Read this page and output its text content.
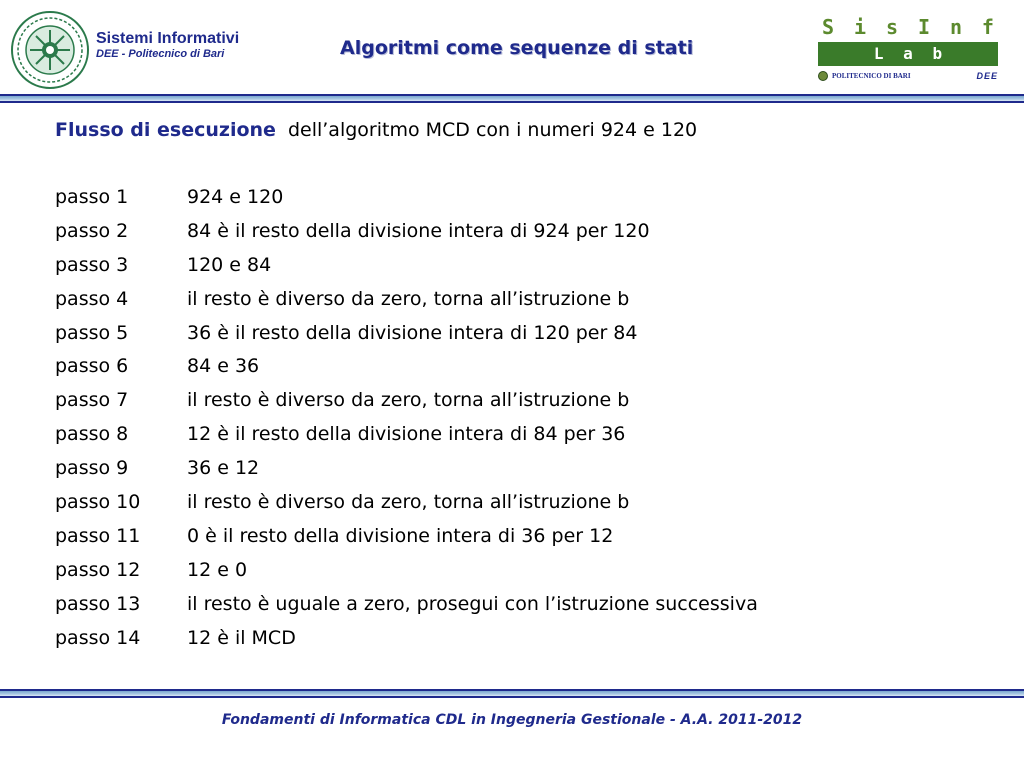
Sistemi Informativi
DEE - Politecnico di Bari	Algoritmi come sequenze di stati
S i s I n f
L a b
POLITECNICO DI BARI	DEE
Flusso di esecuzione dell’algoritmo MCD con i numeri 924 e 120
passo 1	924 e 120
passo 2	84 è il resto della divisione intera di 924 per 120
passo 3	120 e 84
passo 4	il resto è diverso da zero, torna all’istruzione b
passo 5	36 è il resto della divisione intera di 120 per 84
passo 6	84 e 36
passo 7	il resto è diverso da zero, torna all’istruzione b
passo 8	12 è il resto della divisione intera di 84 per 36
passo 9	36 e 12
passo 10	il resto è diverso da zero, torna all’istruzione b
passo 11	0 è il resto della divisione intera di 36 per 12
passo 12	12 e 0
passo 13	il resto è uguale a zero, prosegui con l’istruzione successiva
passo 14	12 è il MCD
Fondamenti di Informatica CDL in Ingegneria Gestionale - A.A. 2011-2012
